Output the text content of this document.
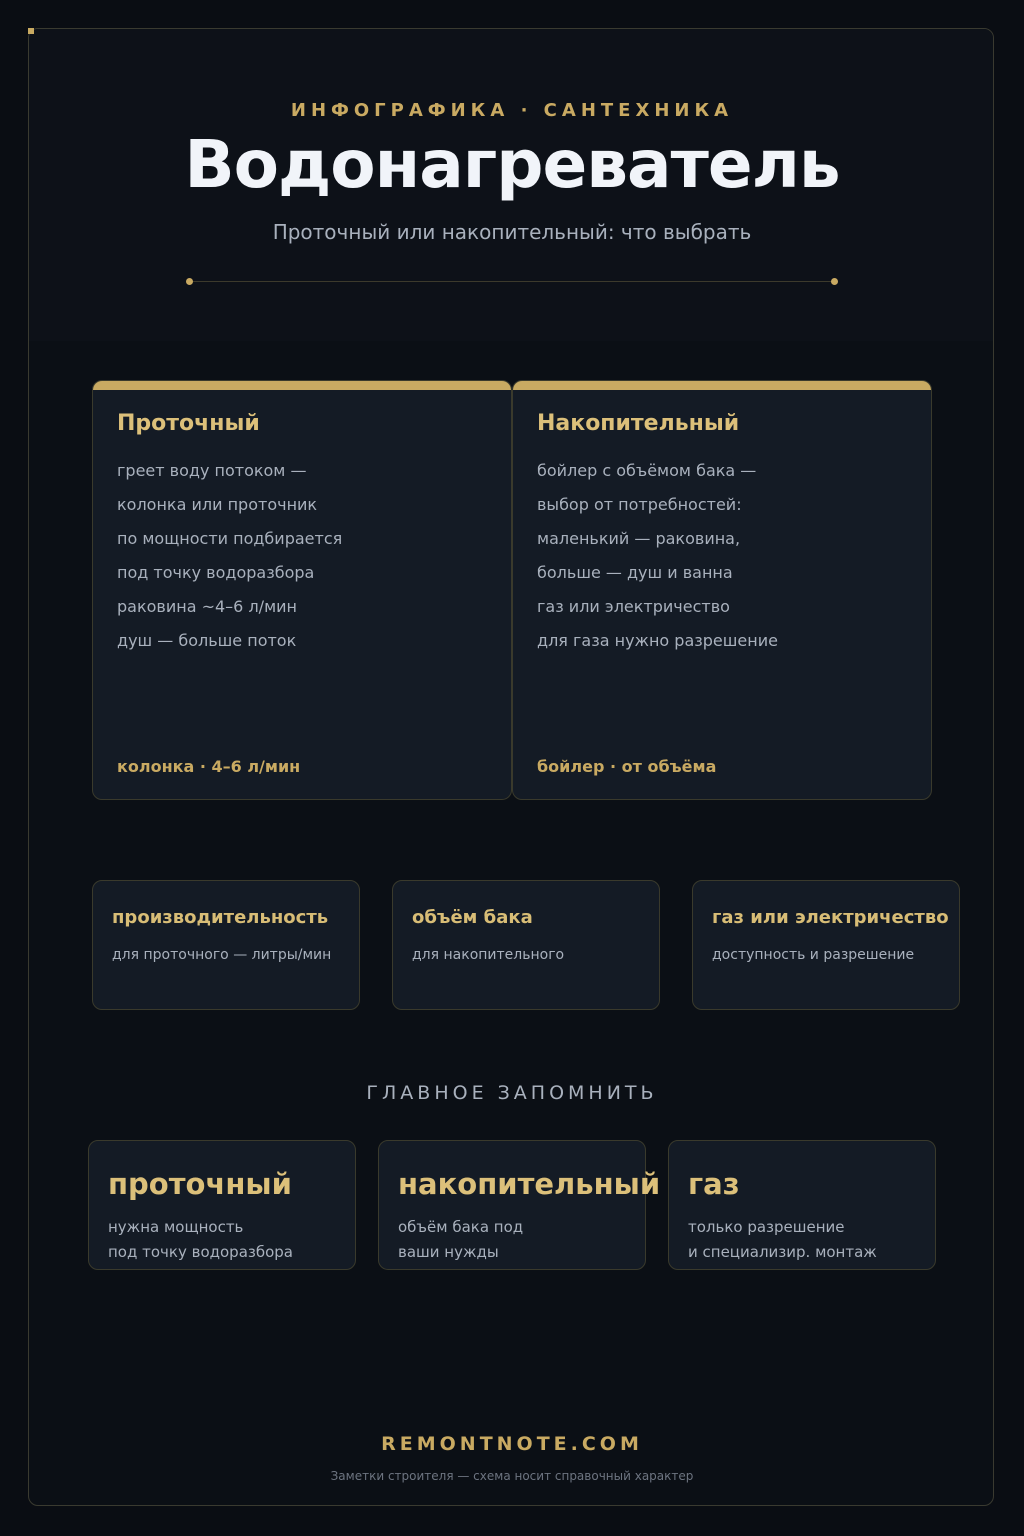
ИНФОГРАФИКА · САНТЕХНИКА
Водонагреватель
Проточный или накопительный: что выбрать
Проточный
греет воду потоком —
колонка или проточник
по мощности подбирается
под точку водоразбора
раковина ~4–6 л/мин
душ — больше поток
колонка · 4–6 л/мин
Накопительный
бойлер с объёмом бака —
выбор от потребностей:
маленький — раковина,
больше — душ и ванна
газ или электричество
для газа нужно разрешение
бойлер · от объёма
производительность

для проточного — литры/мин

объём бака

для накопительного

газ или электричество

доступность и разрешение

ГЛАВНОЕ ЗАПОМНИТЬ
проточный

нужна мощность

под точку водоразбора

накопительный

объём бака под

ваши нужды

газ

только разрешение

и специализир. монтаж

REMONTNOTE.COM
Заметки строителя — схема носит справочный характер
